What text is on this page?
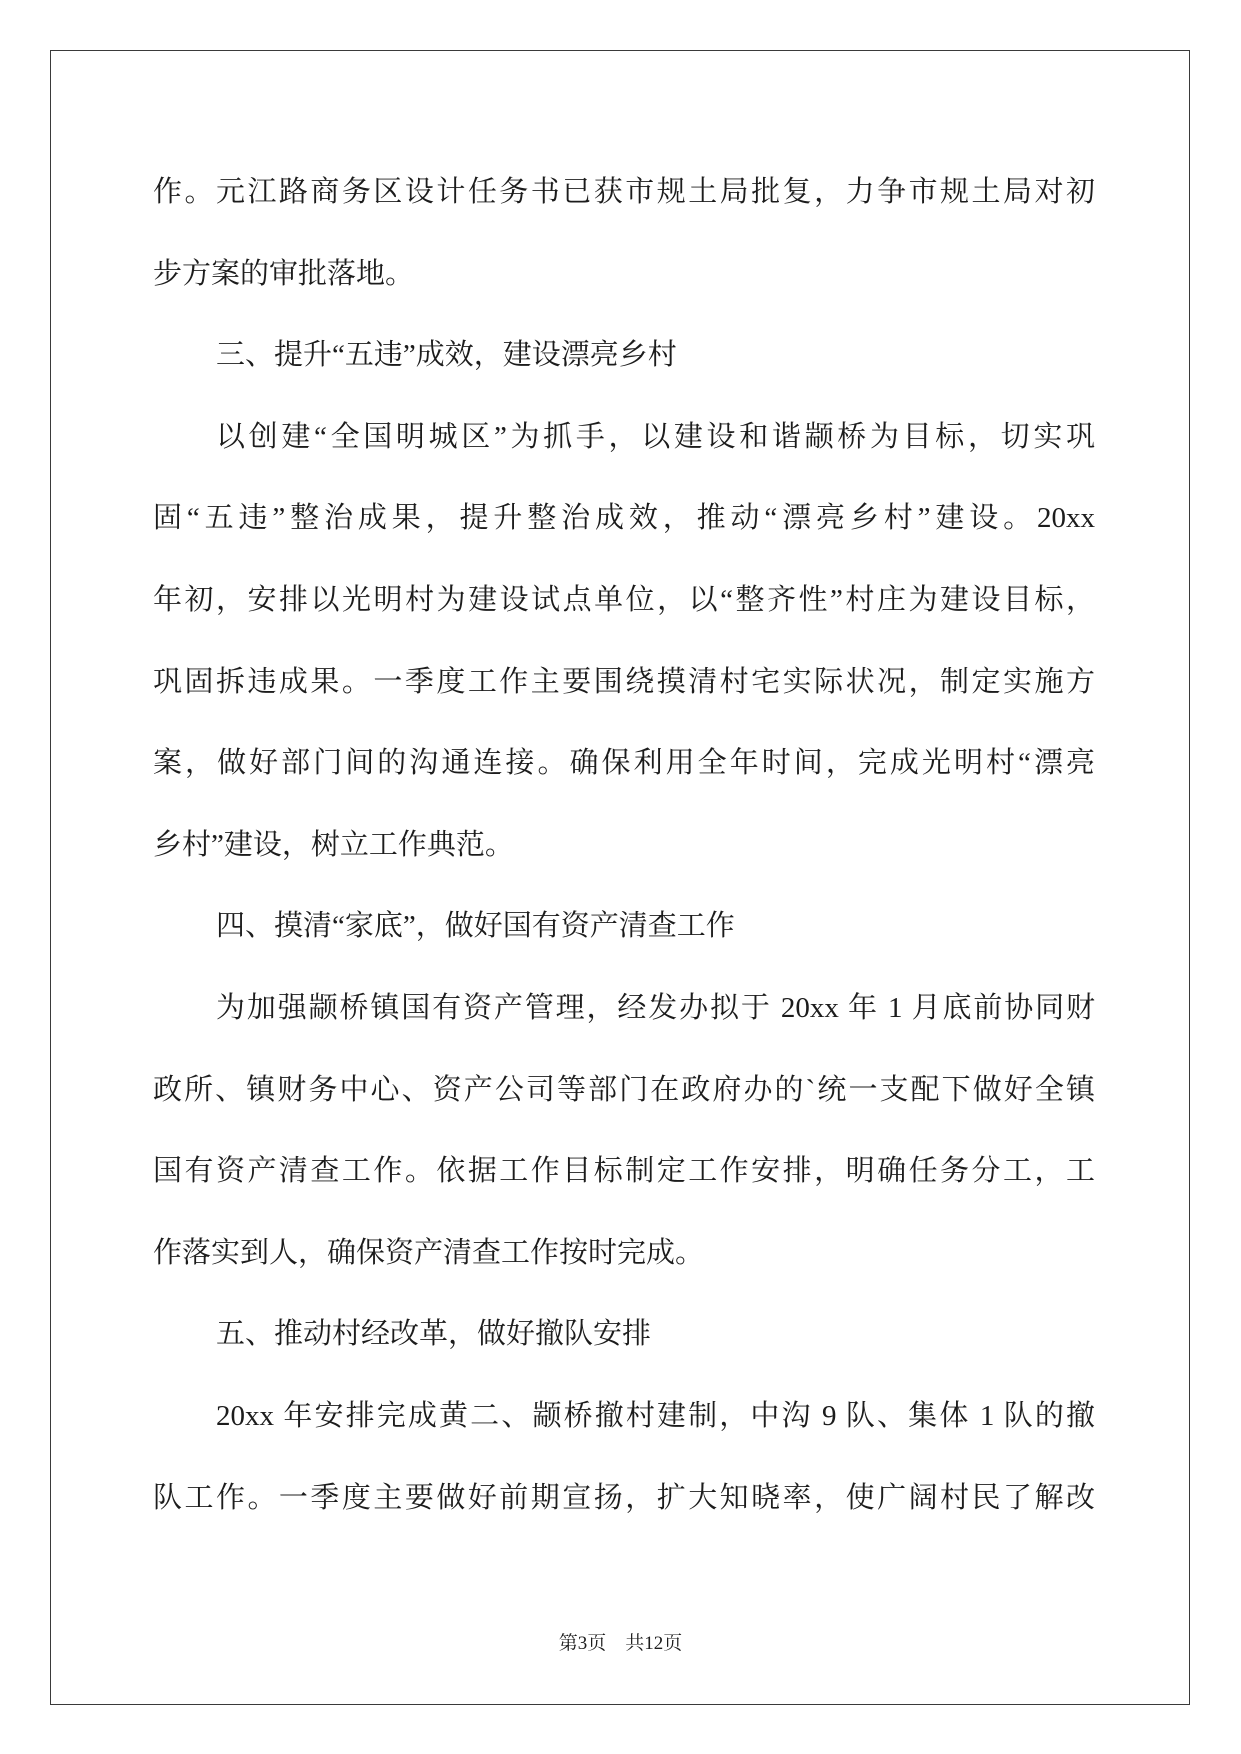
作。元江路商务区设计任务书已获市规土局批复，力争市规土局对初
步方案的审批落地。
三、提升“五违”成效，建设漂亮乡村
以创建“全国明城区”为抓手，以建设和谐颛桥为目标，切实巩
固“五违”整治成果，提升整治成效，推动“漂亮乡村”建设。20xx
年初，安排以光明村为建设试点单位，以“整齐性”村庄为建设目标，
巩固拆违成果。一季度工作主要围绕摸清村宅实际状况，制定实施方
案，做好部门间的沟通连接。确保利用全年时间，完成光明村“漂亮
乡村”建设，树立工作典范。
四、摸清“家底”，做好国有资产清查工作
为加强颛桥镇国有资产管理，经发办拟于 20xx 年 1 月底前协同财
政所、镇财务中心、资产公司等部门在政府办的`统一支配下做好全镇
国有资产清查工作。依据工作目标制定工作安排，明确任务分工，工
作落实到人，确保资产清查工作按时完成。
五、推动村经改革，做好撤队安排
20xx 年安排完成黄二、颛桥撤村建制，中沟 9 队、集体 1 队的撤
队工作。一季度主要做好前期宣扬，扩大知晓率，使广阔村民了解改
第3页　共12页
